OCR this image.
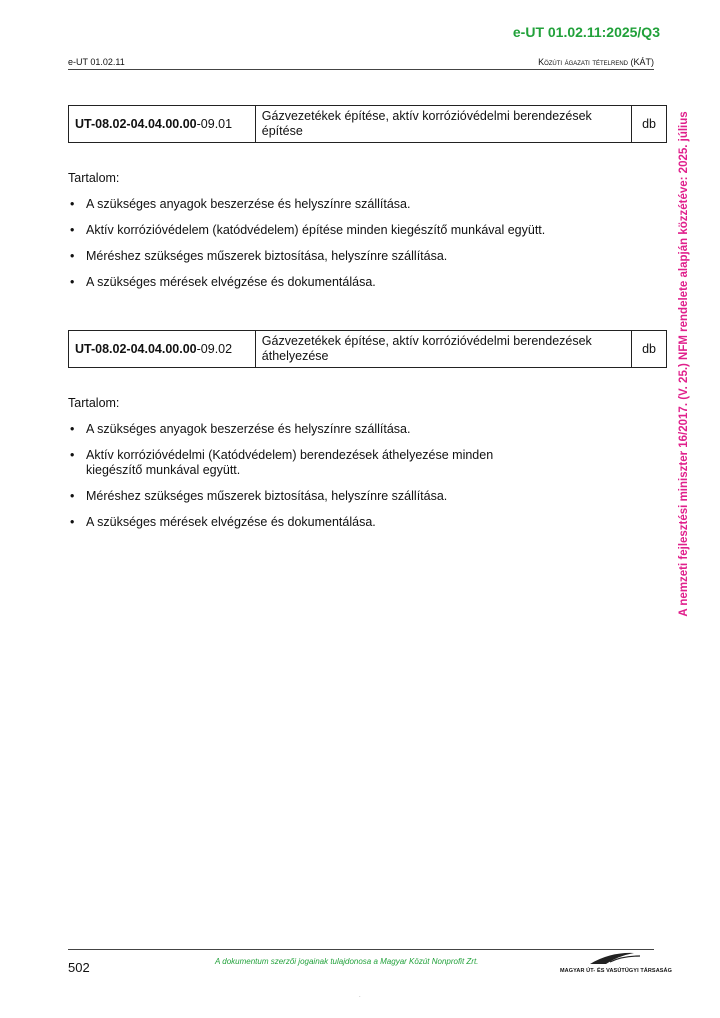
e-UT 01.02.11:2025/Q3
e-UT 01.02.11	Közúti ágazati tételrend (KÁT)
A nemzeti fejlesztési miniszter 16/2017. (V. 25.) NFM rendelete alapján közzétéve: 2025. július
UT-08.02-04.04.00.00-09.01	Gázvezetékek építése, aktív korrózióvédelmi berendezések építése	db

Tartalom:

• A szükséges anyagok beszerzése és helyszínre szállítása.
• Aktív korrózióvédelem (katódvédelem) építése minden kiegészítő munkával együtt.
• Méréshez szükséges műszerek biztosítása, helyszínre szállítása.
• A szükséges mérések elvégzése és dokumentálása.
UT-08.02-04.04.00.00-09.02	Gázvezetékek építése, aktív korrózióvédelmi berendezések áthelyezése	db

Tartalom:

• A szükséges anyagok beszerzése és helyszínre szállítása.
• Aktív korrózióvédelmi (Katódvédelem) berendezések áthelyezése minden kiegészítő munkával együtt.
• Méréshez szükséges műszerek biztosítása, helyszínre szállítása.
• A szükséges mérések elvégzése és dokumentálása.
502	A dokumentum szerzői jogainak tulajdonosa a Magyar Közút Nonprofit Zrt.
MAGYAR ÚT- ÉS VASÚTÜGYI TÁRSASÁG
.
